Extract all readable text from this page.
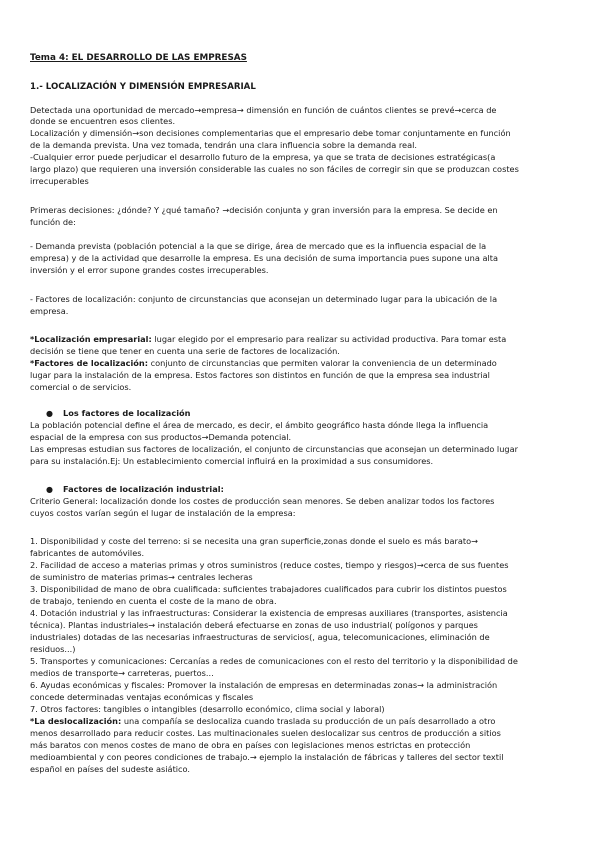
Tema 4: EL DESARROLLO DE LAS EMPRESAS
1.- LOCALIZACIÓN Y DIMENSIÓN EMPRESARIAL
Detectada una oportunidad de mercado→empresa→ dimensión en función de cuántos clientes se prevé→cerca de
donde se encuentren esos clientes.
Localización y dimensión→son decisiones complementarias que el empresario debe tomar conjuntamente en función
de la demanda prevista. Una vez tomada, tendrán una clara influencia sobre la demanda real.
-Cualquier error puede perjudicar el desarrollo futuro de la empresa, ya que se trata de decisiones estratégicas(a
largo plazo) que requieren una inversión considerable las cuales no son fáciles de corregir sin que se produzcan costes
irrecuperables
Primeras decisiones: ¿dónde? Y ¿qué tamaño? →decisión conjunta y gran inversión para la empresa. Se decide en
función de:
- Demanda prevista (población potencial a la que se dirige, área de mercado que es la influencia espacial de la
empresa) y de la actividad que desarrolle la empresa. Es una decisión de suma importancia pues supone una alta
inversión y el error supone grandes costes irrecuperables.
- Factores de localización: conjunto de circunstancias que aconsejan un determinado lugar para la ubicación de la
empresa.
*Localización empresarial: lugar elegido por el empresario para realizar su actividad productiva. Para tomar esta
decisión se tiene que tener en cuenta una serie de factores de localización.
*Factores de localización: conjunto de circunstancias que permiten valorar la conveniencia de un determinado
lugar para la instalación de la empresa. Estos factores son distintos en función de que la empresa sea industrial
comercial o de servicios.
● Los factores de localización
La población potencial define el área de mercado, es decir, el ámbito geográfico hasta dónde llega la influencia
espacial de la empresa con sus productos→Demanda potencial.
Las empresas estudian sus factores de localización, el conjunto de circunstancias que aconsejan un determinado lugar
para su instalación.Ej: Un establecimiento comercial influirá en la proximidad a sus consumidores.
● Factores de localización industrial:
Criterio General: localización donde los costes de producción sean menores. Se deben analizar todos los factores
cuyos costos varían según el lugar de instalación de la empresa:
1. Disponibilidad y coste del terreno: si se necesita una gran superficie,zonas donde el suelo es más barato→
fabricantes de automóviles.
2. Facilidad de acceso a materias primas y otros suministros (reduce costes, tiempo y riesgos)→cerca de sus fuentes
de suministro de materias primas→ centrales lecheras
3. Disponibilidad de mano de obra cualificada: suficientes trabajadores cualificados para cubrir los distintos puestos
de trabajo, teniendo en cuenta el coste de la mano de obra.
4. Dotación industrial y las infraestructuras: Considerar la existencia de empresas auxiliares (transportes, asistencia
técnica). Plantas industriales→ instalación deberá efectuarse en zonas de uso industrial( polígonos y parques
industriales) dotadas de las necesarias infraestructuras de servicios(, agua, telecomunicaciones, eliminación de
residuos...)
5. Transportes y comunicaciones: Cercanías a redes de comunicaciones con el resto del territorio y la disponibilidad de
medios de transporte→ carreteras, puertos...
6. Ayudas económicas y fiscales: Promover la instalación de empresas en determinadas zonas→ la administración
concede determinadas ventajas económicas y fiscales
7. Otros factores: tangibles o intangibles (desarrollo económico, clima social y laboral)
*La deslocalización: una compañía se deslocaliza cuando traslada su producción de un país desarrollado a otro
menos desarrollado para reducir costes. Las multinacionales suelen deslocalizar sus centros de producción a sitios
más baratos con menos costes de mano de obra en países con legislaciones menos estrictas en protección
medioambiental y con peores condiciones de trabajo.→ ejemplo la instalación de fábricas y talleres del sector textil
español en países del sudeste asiático.
